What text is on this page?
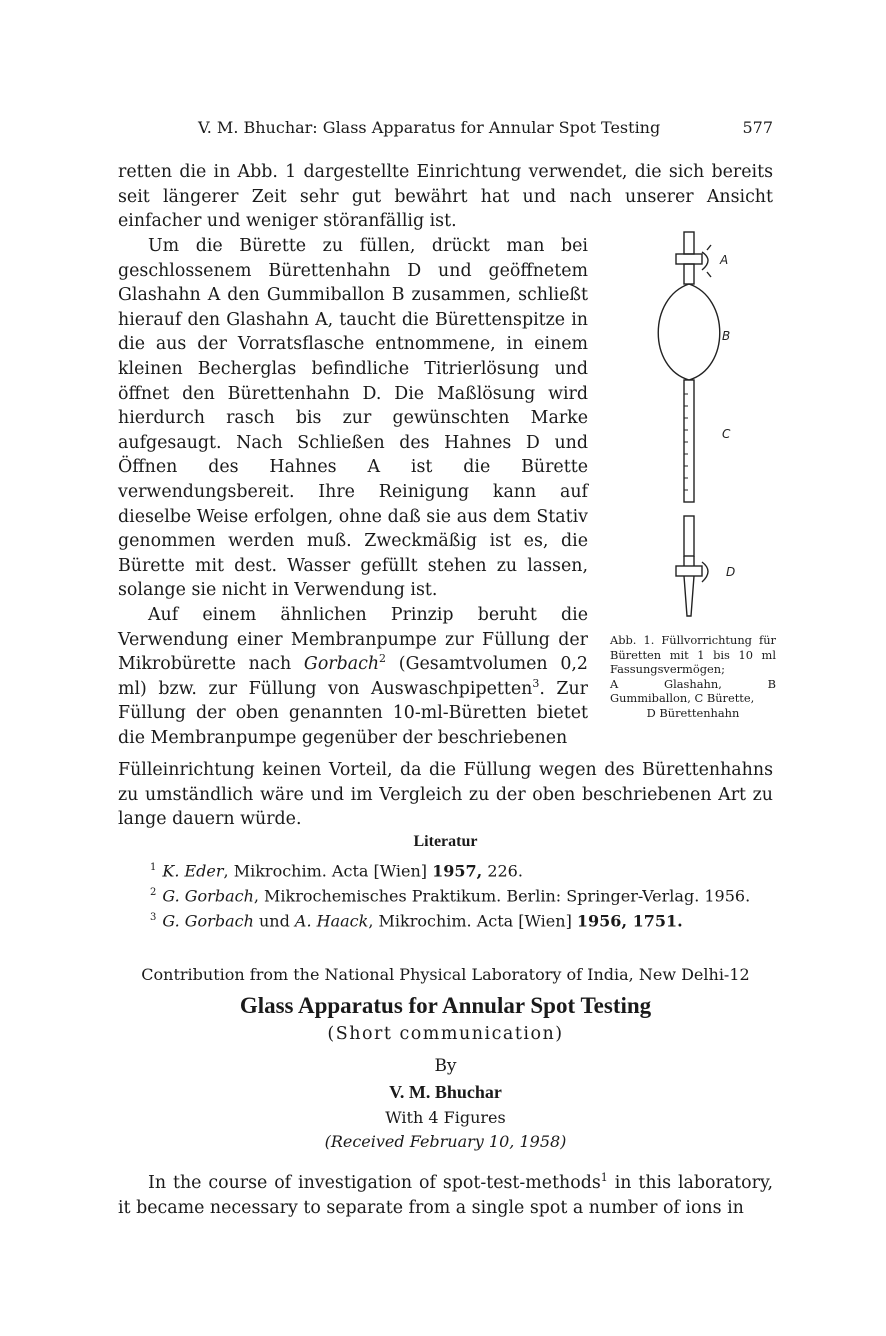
V. M. Bhuchar: Glass Apparatus for Annular Spot Testing	577

retten die in Abb. 1 dargestellte Einrichtung verwendet, die sich bereits seit längerer Zeit sehr gut bewährt hat und nach unserer Ansicht einfacher und weniger störanfällig ist.

Um die Bürette zu füllen, drückt man bei geschlossenem Bürettenhahn D und geöffnetem Glashahn A den Gummiballon B zusammen, schließt hierauf den Glashahn A, taucht die Bürettenspitze in die aus der Vorratsflasche entnommene, in einem kleinen Becherglas befindliche Titrierlösung und öffnet den Bürettenhahn D. Die Maßlösung wird hierdurch rasch bis zur gewünschten Marke aufgesaugt. Nach Schließen des Hahnes D und Öffnen des Hahnes A ist die Bürette verwendungsbereit. Ihre Reinigung kann auf dieselbe Weise erfolgen, ohne daß sie aus dem Stativ genommen werden muß. Zweckmäßig ist es, die Bürette mit dest. Wasser gefüllt stehen zu lassen, solange sie nicht in Verwendung ist.

Auf einem ähnlichen Prinzip beruht die Verwendung einer Membranpumpe zur Füllung der Mikrobürette nach Gorbach$^2$ (Gesamtvolumen 0,2 ml) bzw. zur Füllung von Auswaschpipetten$^3$. Zur Füllung der oben genannten 10-ml-Büretten bietet die Membranpumpe gegenüber der beschriebenen

Fülleinrichtung keinen Vorteil, da die Füllung wegen des Bürettenhahns zu umständlich wäre und im Vergleich zu der oben beschriebenen Art zu lange dauern würde.

A
B
C
D
Abb. 1. Füllvorrichtung für Büretten mit 1 bis 10 ml Fassungsvermögen;
A Glashahn, B Gummiballon, C Bürette,
D Bürettenhahn
Literatur
$^1$ K. Eder, Mikrochim. Acta [Wien] 1957, 226.
$^2$ G. Gorbach, Mikrochemisches Praktikum. Berlin: Springer-Verlag. 1956.
$^3$ G. Gorbach und A. Haack, Mikrochim. Acta [Wien] 1956, 1751.
Contribution from the National Physical Laboratory of India, New Delhi-12
Glass Apparatus for Annular Spot Testing
(Short communication)
By
V. M. Bhuchar
With 4 Figures
(Received February 10, 1958)

In the course of investigation of spot-test-methods$^1$ in this laboratory, it became necessary to separate from a single spot a number of ions in
